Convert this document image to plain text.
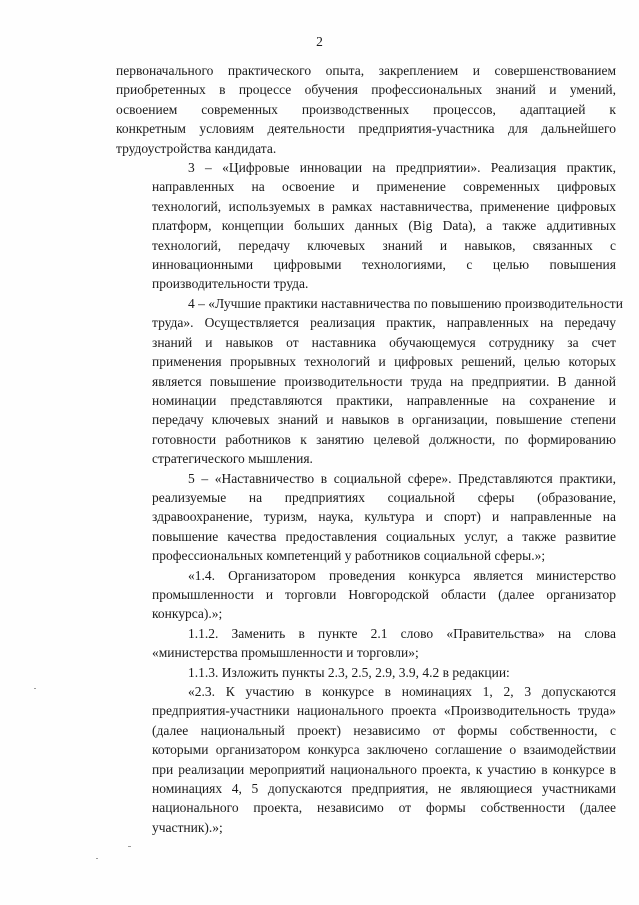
2

первоначального практического опыта, закреплением и совершенствованием
приобретенных в процессе обучения профессиональных знаний и умений,
освоением современных производственных процессов, адаптацией к
конкретным условиям деятельности предприятия-участника для дальнейшего
трудоустройства кандидата.

3 – «Цифровые инновации на предприятии». Реализация практик,
направленных на освоение и применение современных цифровых
технологий, используемых в рамках наставничества, применение цифровых
платформ, концепции больших данных (Big Data), а также аддитивных
технологий, передачу ключевых знаний и навыков, связанных с
инновационными цифровыми технологиями, с целью повышения
производительности труда.

4 – «Лучшие практики наставничества по повышению производительности
труда». Осуществляется реализация практик, направленных на передачу
знаний и навыков от наставника обучающемуся сотруднику за счет
применения прорывных технологий и цифровых решений, целью которых
является повышение производительности труда на предприятии. В данной
номинации представляются практики, направленные на сохранение и
передачу ключевых знаний и навыков в организации, повышение степени
готовности работников к занятию целевой должности, по формированию
стратегического мышления.

5 – «Наставничество в социальной сфере». Представляются практики,
реализуемые на предприятиях социальной сферы (образование,
здравоохранение, туризм, наука, культура и спорт) и направленные на
повышение качества предоставления социальных услуг, а также развитие
профессиональных компетенций у работников социальной сферы.»;

«1.4. Организатором проведения конкурса является министерство
промышленности и торговли Новгородской области (далее организатор
конкурса).»;

1.1.2. Заменить в пункте 2.1 слово «Правительства» на слова
«министерства промышленности и торговли»;

1.1.3. Изложить пункты 2.3, 2.5, 2.9, 3.9, 4.2 в редакции:

«2.3. К участию в конкурсе в номинациях 1, 2, 3 допускаются
предприятия-участники национального проекта «Производительность труда»
(далее национальный проект) независимо от формы собственности, с
которыми организатором конкурса заключено соглашение о взаимодействии
при реализации мероприятий национального проекта, к участию в конкурсе в
номинациях 4, 5 допускаются предприятия, не являющиеся участниками
национального проекта, независимо от формы собственности (далее
участник).»;
